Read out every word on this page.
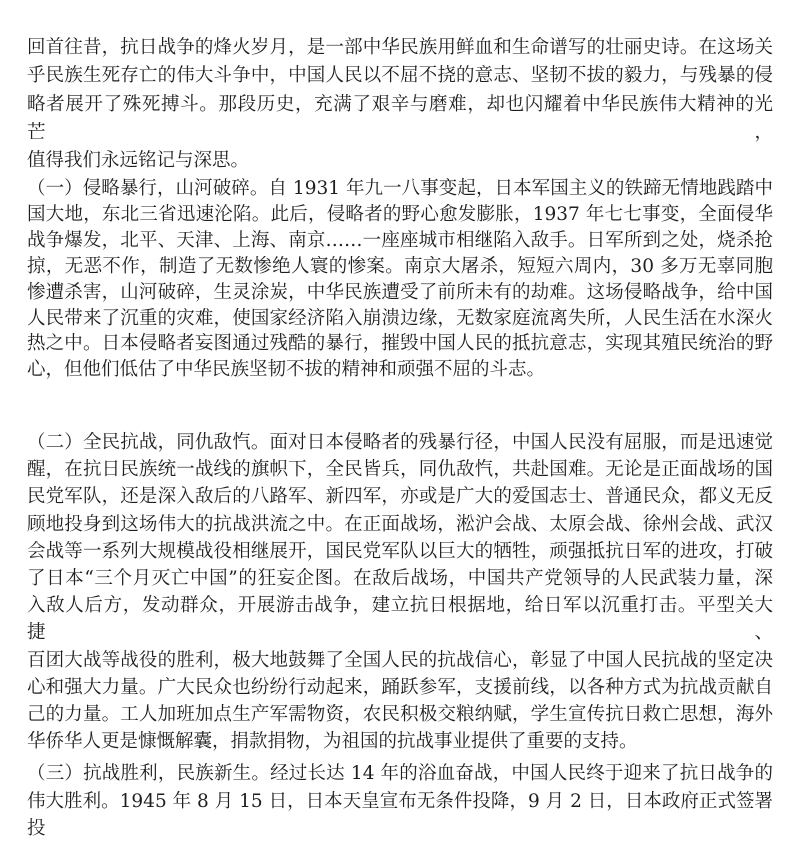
回首往昔，抗日战争的烽火岁月，是一部中华民族用鲜血和生命谱写的壮丽史诗。在这场关
乎民族生死存亡的伟大斗争中，中国人民以不屈不挠的意志、坚韧不拔的毅力，与残暴的侵
略者展开了殊死搏斗。那段历史，充满了艰辛与磨难，却也闪耀着中华民族伟大精神的光芒，
值得我们永远铭记与深思。
（一）侵略暴行，山河破碎。自 1931 年九一八事变起，日本军国主义的铁蹄无情地践踏中
国大地，东北三省迅速沦陷。此后，侵略者的野心愈发膨胀，1937 年七七事变，全面侵华
战争爆发，北平、天津、上海、南京……一座座城市相继陷入敌手。日军所到之处，烧杀抢
掠，无恶不作，制造了无数惨绝人寰的惨案。南京大屠杀，短短六周内，30 多万无辜同胞
惨遭杀害，山河破碎，生灵涂炭，中华民族遭受了前所未有的劫难。这场侵略战争，给中国
人民带来了沉重的灾难，使国家经济陷入崩溃边缘，无数家庭流离失所，人民生活在水深火
热之中。日本侵略者妄图通过残酷的暴行，摧毁中国人民的抵抗意志，实现其殖民统治的野
心，但他们低估了中华民族坚韧不拔的精神和顽强不屈的斗志。
（二）全民抗战，同仇敌忾。面对日本侵略者的残暴行径，中国人民没有屈服，而是迅速觉
醒，在抗日民族统一战线的旗帜下，全民皆兵，同仇敌忾，共赴国难。无论是正面战场的国
民党军队，还是深入敌后的八路军、新四军，亦或是广大的爱国志士、普通民众，都义无反
顾地投身到这场伟大的抗战洪流之中。在正面战场，淞沪会战、太原会战、徐州会战、武汉
会战等一系列大规模战役相继展开，国民党军队以巨大的牺牲，顽强抵抗日军的进攻，打破
了日本“三个月灭亡中国”的狂妄企图。在敌后战场，中国共产党领导的人民武装力量，深
入敌人后方，发动群众，开展游击战争，建立抗日根据地，给日军以沉重打击。平型关大捷、
百团大战等战役的胜利，极大地鼓舞了全国人民的抗战信心，彰显了中国人民抗战的坚定决
心和强大力量。广大民众也纷纷行动起来，踊跃参军，支援前线，以各种方式为抗战贡献自
己的力量。工人加班加点生产军需物资，农民积极交粮纳赋，学生宣传抗日救亡思想，海外
华侨华人更是慷慨解囊，捐款捐物，为祖国的抗战事业提供了重要的支持。
（三）抗战胜利，民族新生。经过长达 14 年的浴血奋战，中国人民终于迎来了抗日战争的
伟大胜利。1945 年 8 月 15 日，日本天皇宣布无条件投降，9 月 2 日，日本政府正式签署投
